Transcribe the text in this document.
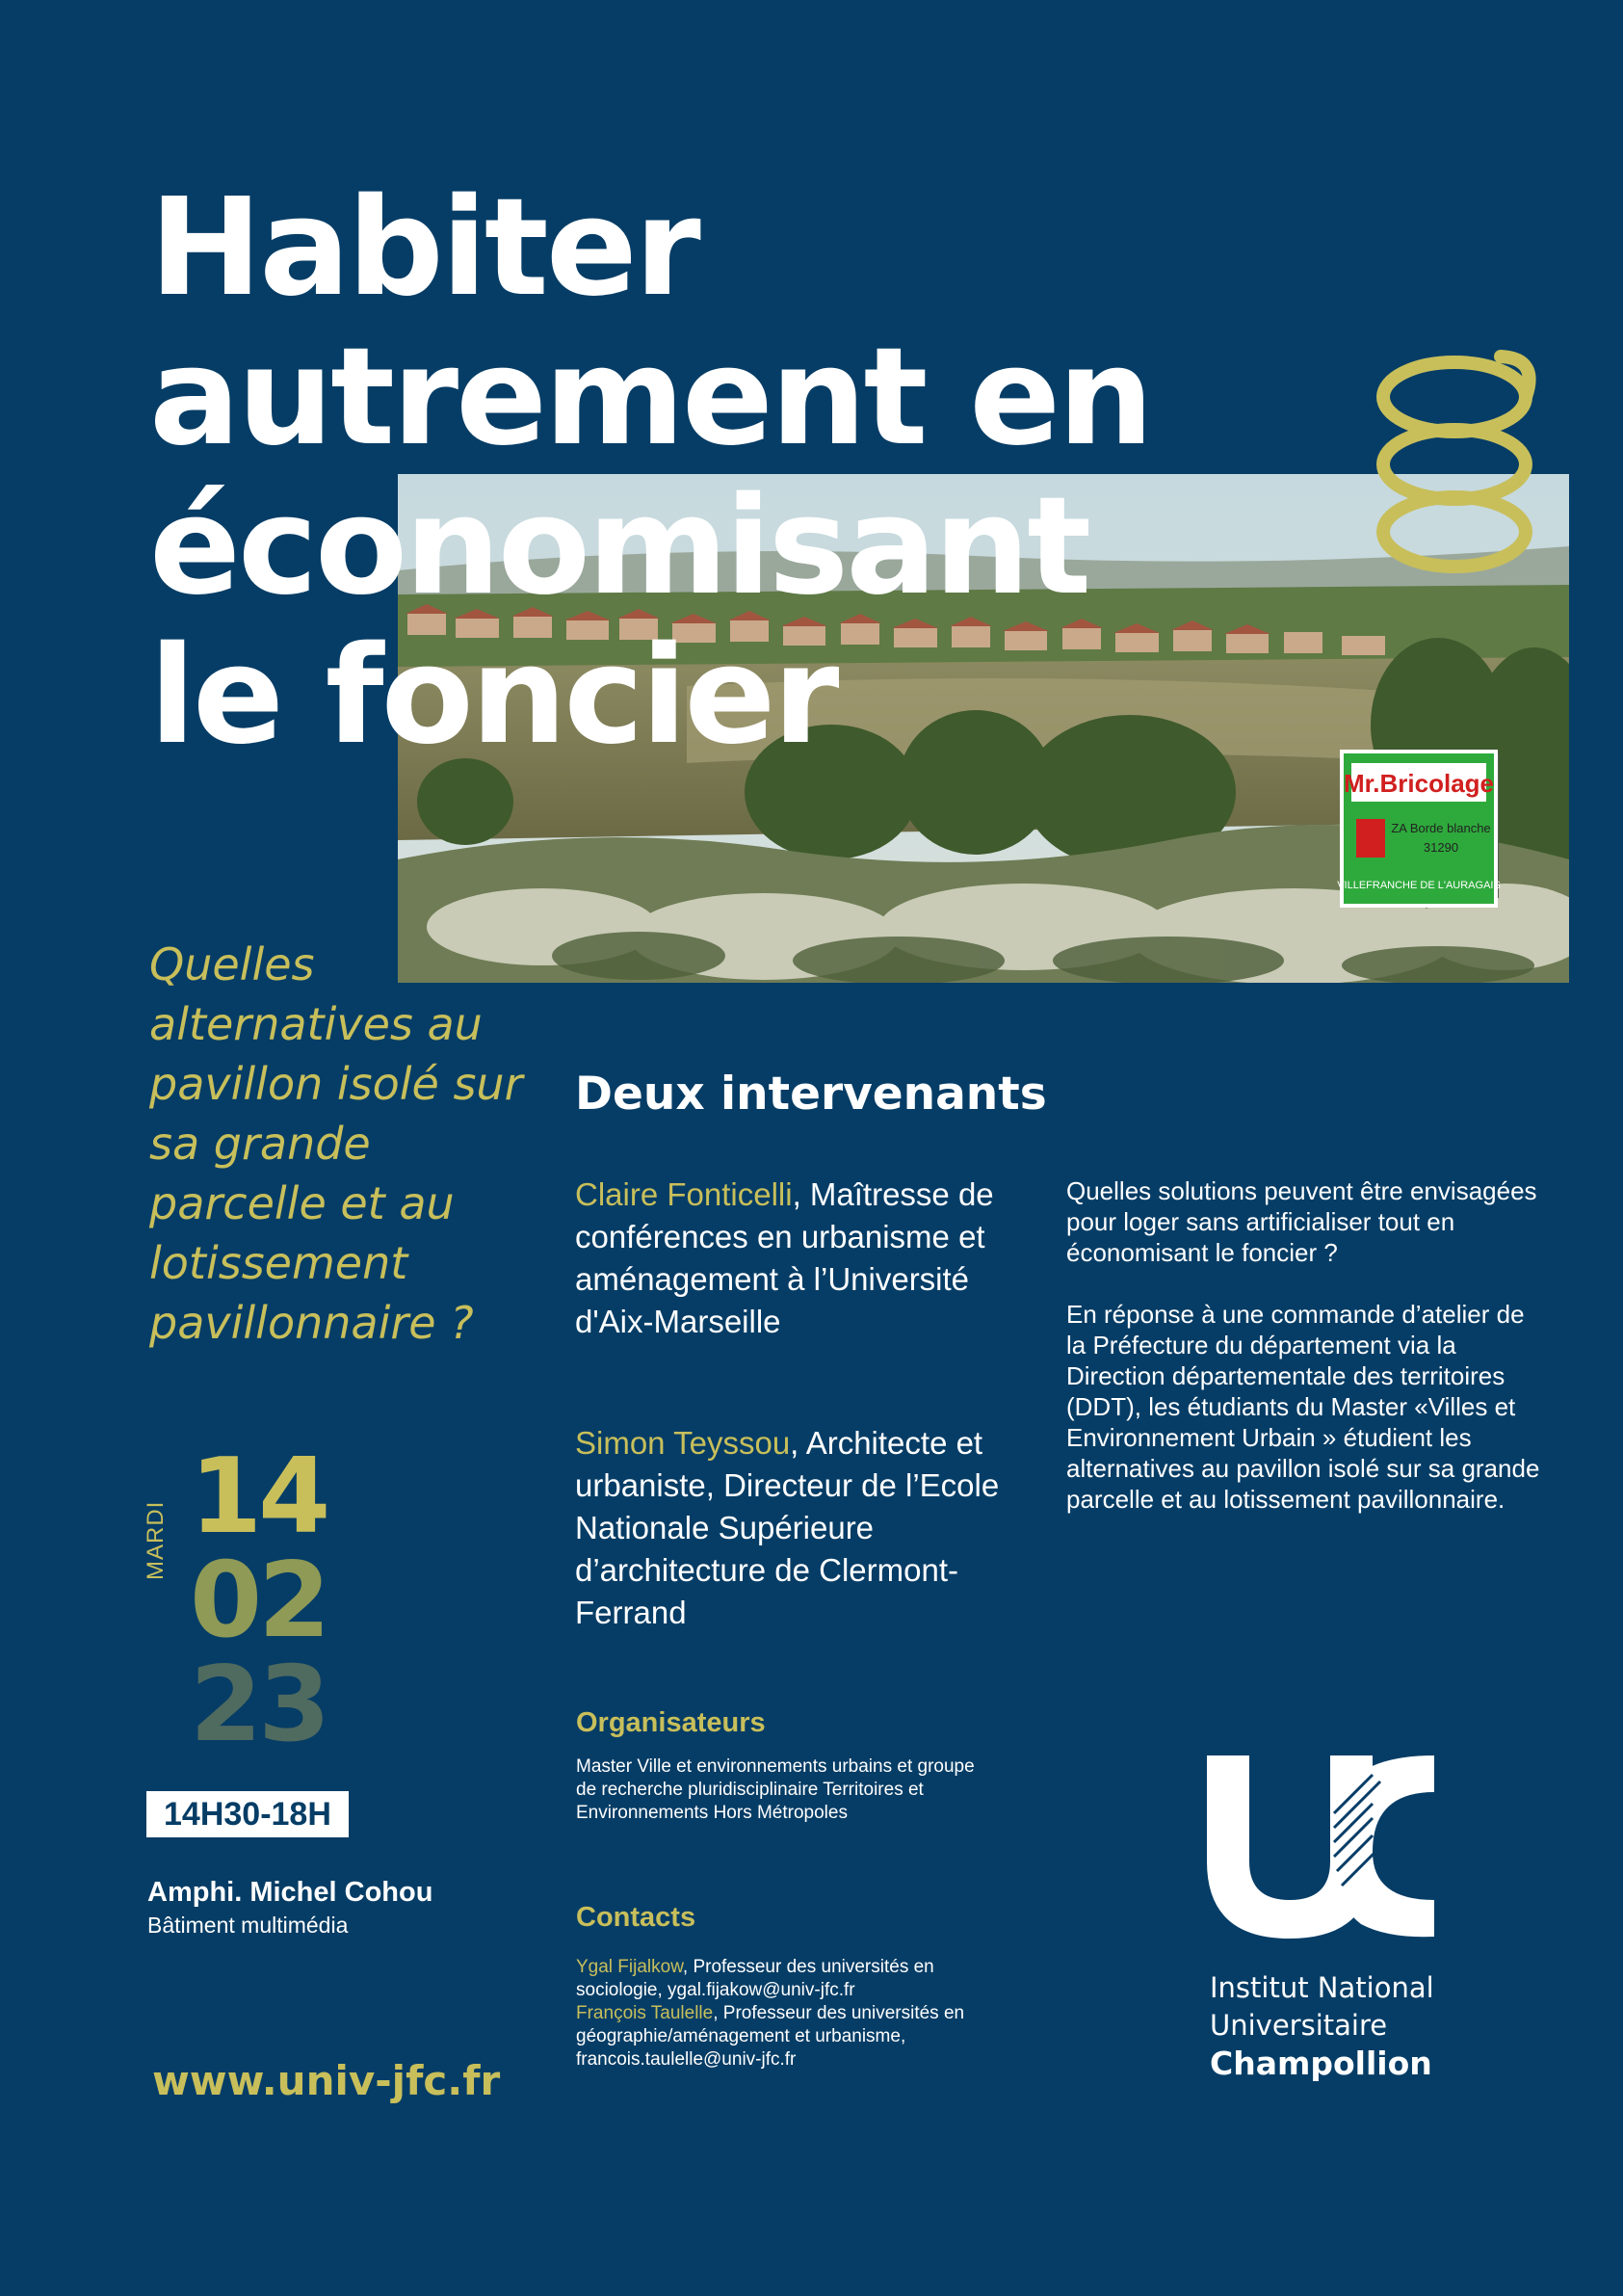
Mr.Bricolage
ZA Borde blanche
31290
VILLEFRANCHE DE L'AURAGAIS
Habiter
autrement en
économisant
le foncier

Quelles alternatives au pavillon isolé sur sa grande parcelle et au lotissement pavillonnaire ?

MARDI 14
02
23
14H30-18H
Amphi. Michel Cohou
Bâtiment multimédia
www.univ-jfc.fr
Deux intervenants
Claire Fonticelli, Maîtresse de conférences en urbanisme et aménagement à l’Université d'Aix-Marseille
Simon Teyssou, Architecte et urbaniste, Directeur de l’Ecole Nationale Supérieure d’architecture de Clermont-Ferrand

Quelles solutions peuvent être envisagées pour loger sans artificialiser tout en économisant le foncier ?

En réponse à une commande d’atelier de la Préfecture du département via la Direction départementale des territoires (DDT), les étudiants du Master «Villes et Environnement Urbain » étudient les alternatives au pavillon isolé sur sa grande parcelle et au lotissement pavillonnaire.

Organisateurs
Master Ville et environnements urbains et groupe de recherche pluridisciplinaire Territoires et Environnements Hors Métropoles
Contacts
Ygal Fijalkow, Professeur des universités en sociologie, ygal.fijakow@univ-jfc.fr
François Taulelle, Professeur des universités en géographie/aménagement et urbanisme, francois.taulelle@univ-jfc.fr
Institut National
Universitaire
Champollion
